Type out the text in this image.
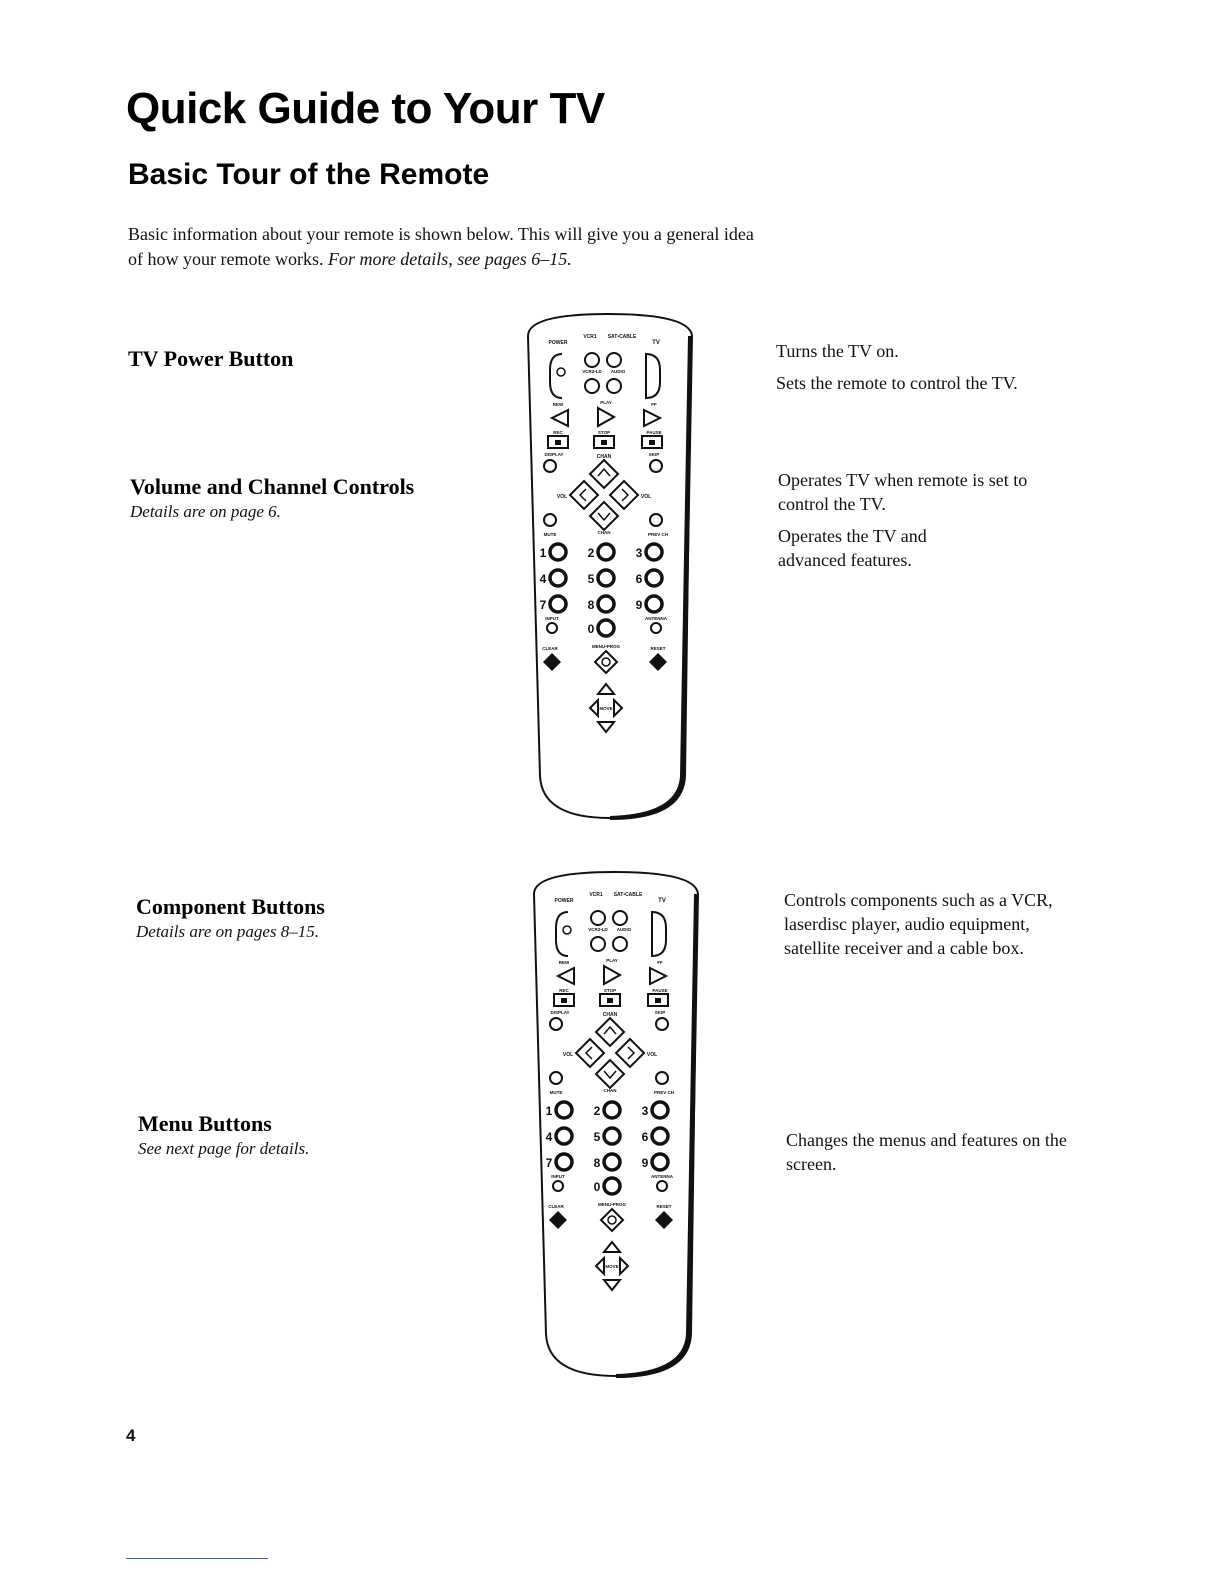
Quick Guide to Your TV
Basic Tour of the Remote
Basic information about your remote is shown below. This will give you a general idea of how your remote works. For more details, see pages 6–15.
TV Power Button
Volume and Channel Controls
Details are on page 6.

Turns the TV on.

Sets the remote to control the TV.

Operates TV when remote is set to control the TV.

Operates the TV and advanced features.

Component Buttons
Details are on pages 8–15.
Menu Buttons
See next page for details.

Controls components such as a VCR, laserdisc player, audio equipment, satellite receiver and a cable box.

Changes the menus and features on the screen.

POWER
VCR1 SAT•CABLE
TV
VCR2•LD AUDIO
REW	PLAY	FF
REC	STOP	PAUSE
DISPLAY	SKIP
CHAN
VOL	VOL
MUTE	CHAN	PREV CH
1	2	3
4	5	6
7	8	9
INPUT
0
ANTENNA
CLEAR	MENU•PROG	RESET
MOVE
POWER
VCR1 SAT•CABLE
TV
VCR2•LD AUDIO
REW	PLAY	FF
REC	STOP	PAUSE
DISPLAY	SKIP
CHAN
VOL	VOL
MUTE	CHAN	PREV CH
1	2	3
4	5	6
7	8	9
INPUT
0
ANTENNA
CLEAR	MENU•PROG	RESET
MOVE
4
